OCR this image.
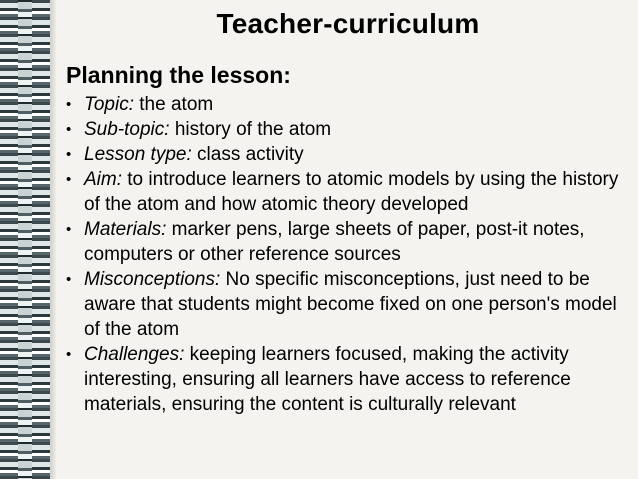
Teacher-curriculum
Planning the lesson:
• Topic: the atom
• Sub-topic: history of the atom
• Lesson type: class activity
• Aim: to introduce learners to atomic models by using the history of the atom and how atomic theory developed
• Materials: marker pens, large sheets of paper, post-it notes, computers or other reference sources
• Misconceptions: No specific misconceptions, just need to be aware that students might become fixed on one person's model of the atom
• Challenges: keeping learners focused, making the activity interesting, ensuring all learners have access to reference materials, ensuring the content is culturally relevant
